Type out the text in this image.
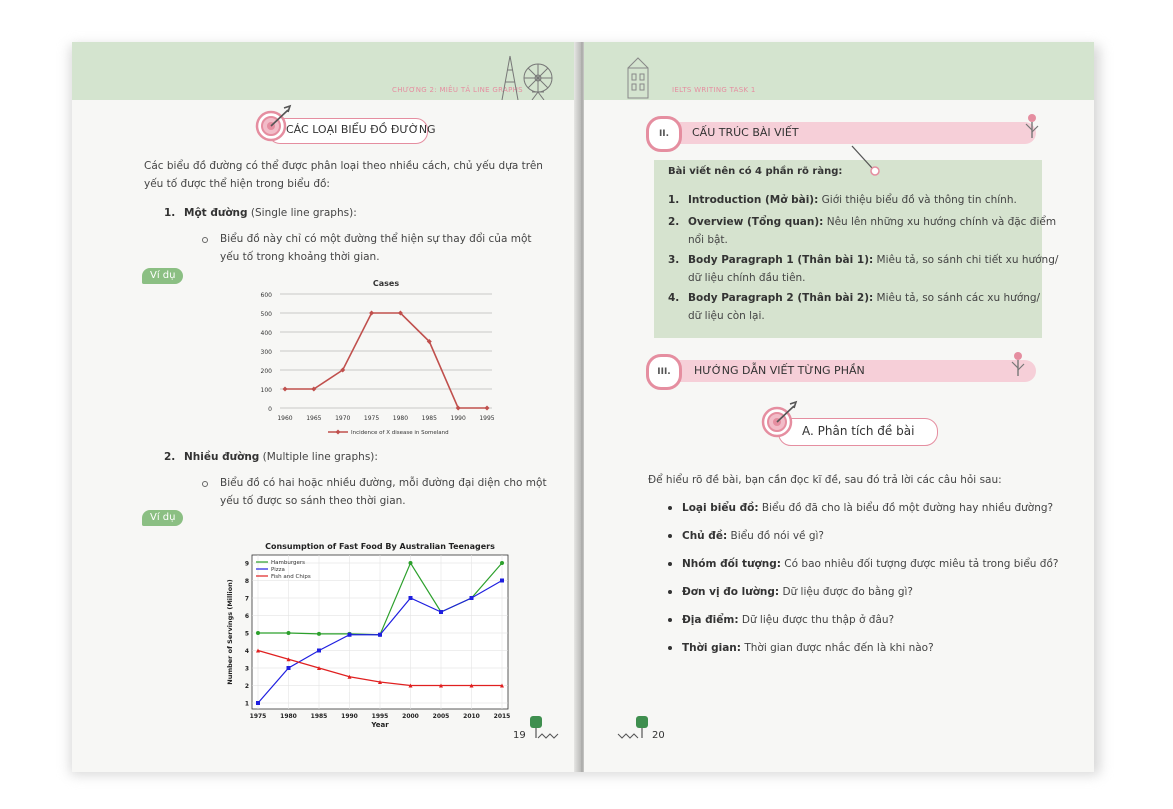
CHƯƠNG 2: MIÊU TẢ LINE GRAPHS
CÁC LOẠI BIỂU ĐỒ ĐƯỜNG
Các biểu đồ đường có thể được phân loại theo nhiều cách, chủ yếu dựa trên
yếu tố được thể hiện trong biểu đồ:
1. Một đường (Single line graphs):
Biểu đồ này chỉ có một đường thể hiện sự thay đổi của một
yếu tố trong khoảng thời gian.
Ví dụ
Cases
0
100
200
300
400
500
600
1960 1965 1970 1975 1980 1985 1990 1995
Incidence of X disease in Someland
2. Nhiều đường (Multiple line graphs):
Biểu đồ có hai hoặc nhiều đường, mỗi đường đại diện cho một
yếu tố được so sánh theo thời gian.
Ví dụ
Consumption of Fast Food By Australian Teenagers
1
2
3
4
5
6
7
8
9
1975 1980 1985 1990 1995 2000 2005 2010 2015
Year
Number of Servings (Million)
Hamburgers
Pizza
Fish and Chips
19
IELTS WRITING TASK 1
II.	CẤU TRÚC BÀI VIẾT
Bài viết nên có 4 phần rõ ràng:
1. Introduction (Mở bài): Giới thiệu biểu đồ và thông tin chính.
2. Overview (Tổng quan): Nêu lên những xu hướng chính và đặc điểm
nổi bật.
3. Body Paragraph 1 (Thân bài 1): Miêu tả, so sánh chi tiết xu hướng/
dữ liệu chính đầu tiên.
4. Body Paragraph 2 (Thân bài 2): Miêu tả, so sánh các xu hướng/
dữ liệu còn lại.
III.	HƯỚNG DẪN VIẾT TỪNG PHẦN
A. Phân tích đề bài
Để hiểu rõ đề bài, bạn cần đọc kĩ đề, sau đó trả lời các câu hỏi sau:
Loại biểu đồ: Biểu đồ đã cho là biểu đồ một đường hay nhiều đường?
Chủ đề: Biểu đồ nói về gì?
Nhóm đối tượng: Có bao nhiêu đối tượng được miêu tả trong biểu đồ?
Đơn vị đo lường: Dữ liệu được đo bằng gì?
Địa điểm: Dữ liệu được thu thập ở đâu?
Thời gian: Thời gian được nhắc đến là khi nào?
20
